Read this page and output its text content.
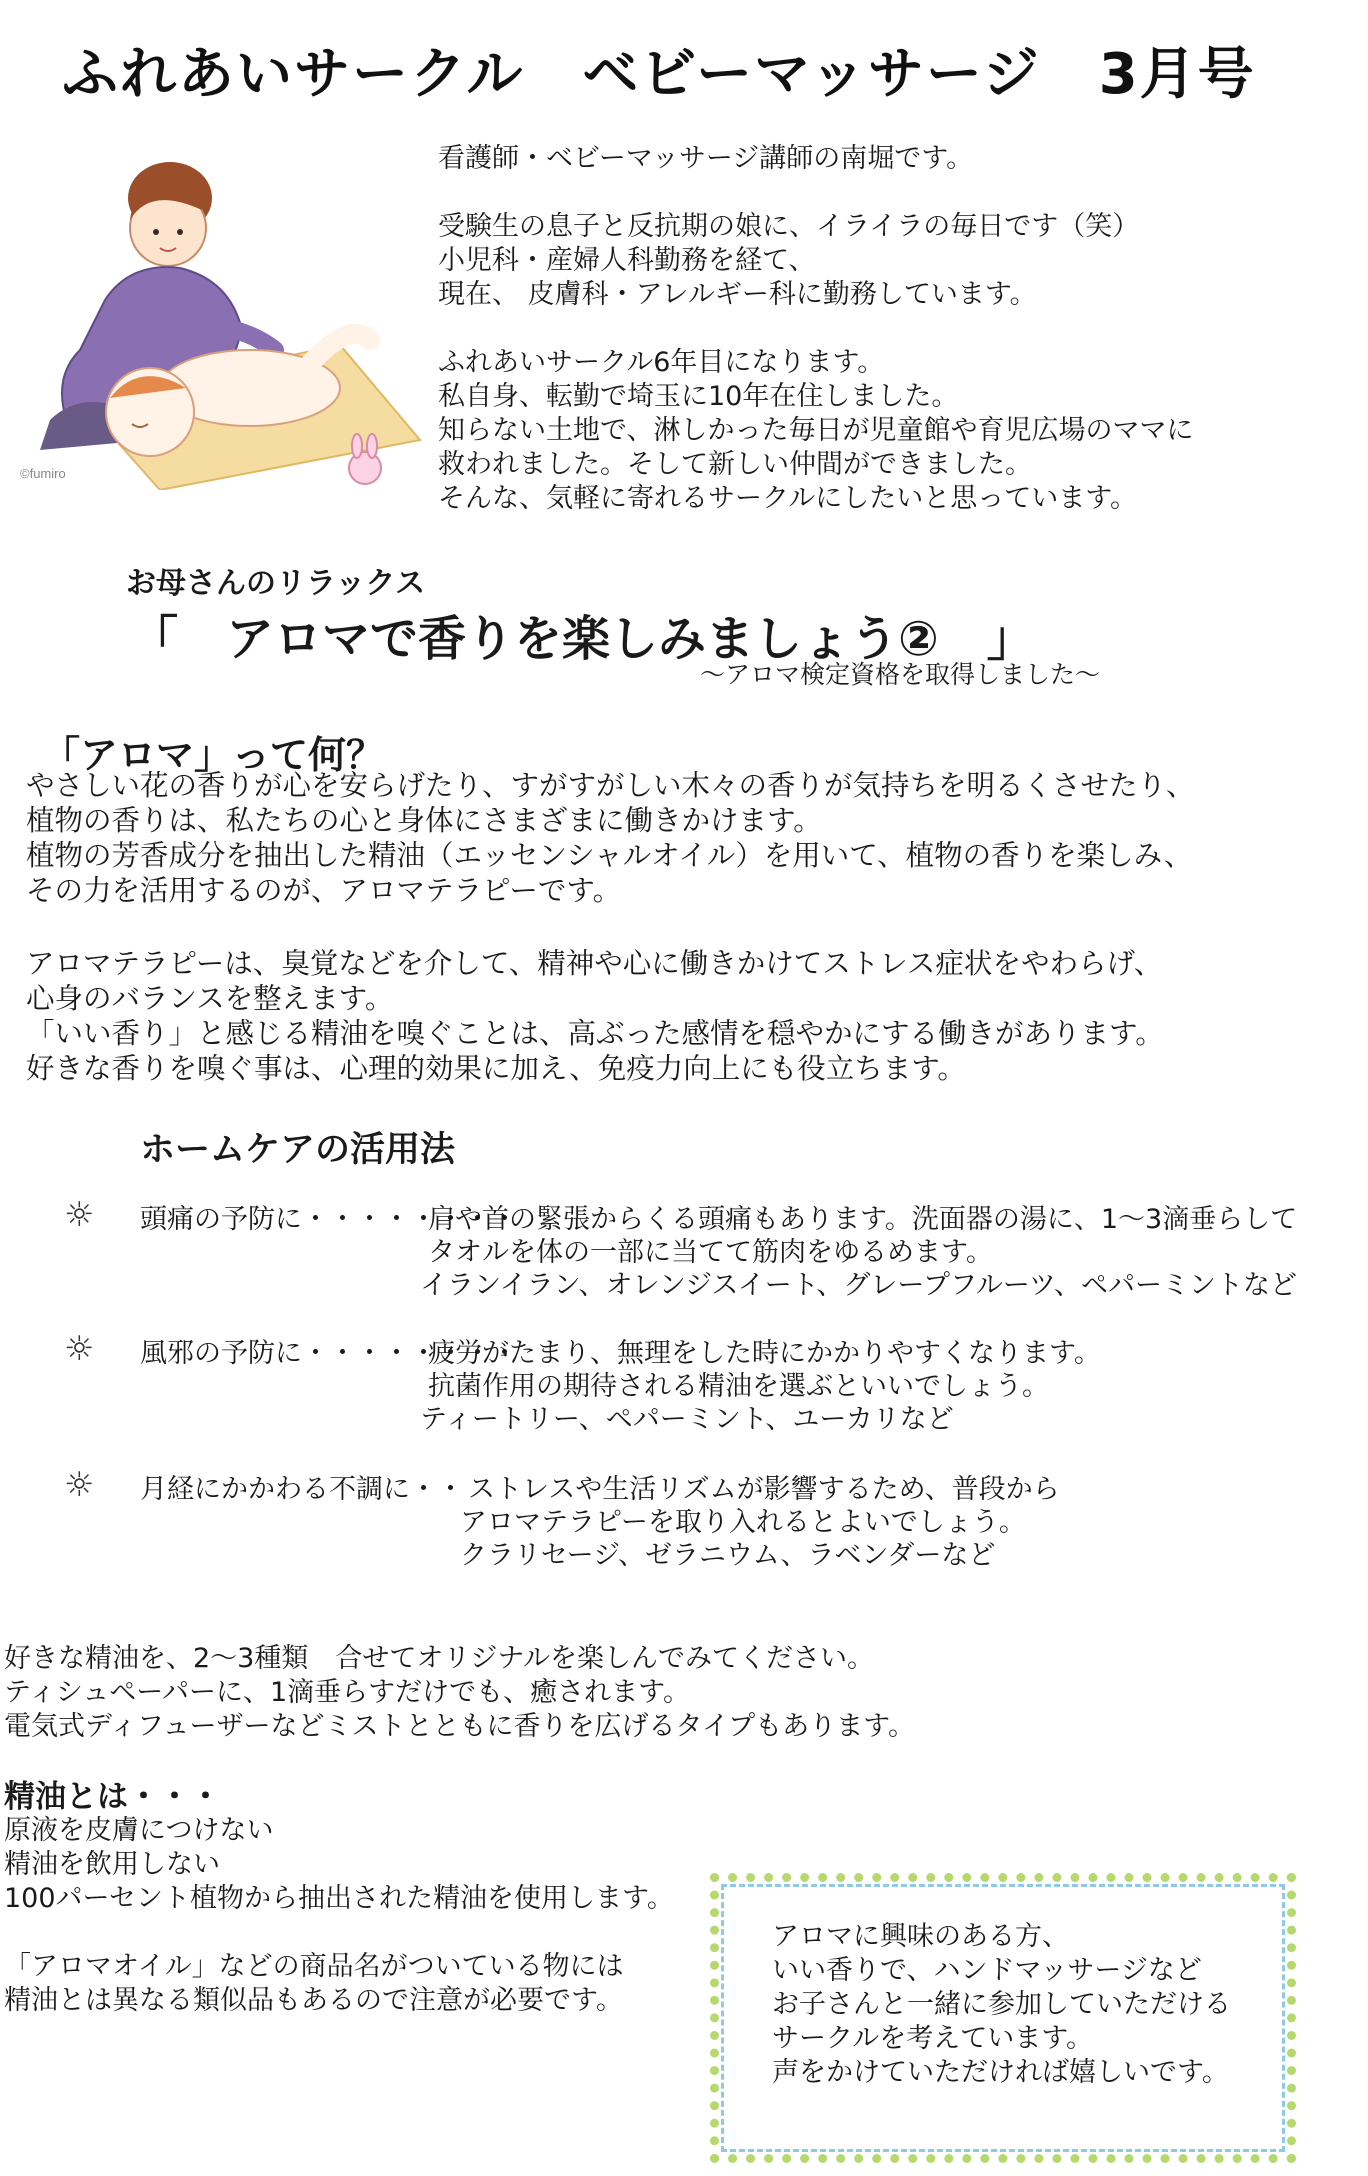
ふれあいサークル　ベビーマッサージ　3月号
©fumiro

看護師・ベビーマッサージ講師の南堀です。

受験生の息子と反抗期の娘に、イライラの毎日です（笑）
小児科・産婦人科勤務を経て、
現在、 皮膚科・アレルギー科に勤務しています。

ふれあいサークル6年目になります。
私自身、転勤で埼玉に10年在住しました。
知らない土地で、淋しかった毎日が児童館や育児広場のママに
救われました。そして新しい仲間ができました。
そんな、気軽に寄れるサークルにしたいと思っています。

お母さんのリラックス
「　アロマで香りを楽しみましょう②　」
～アロマ検定資格を取得しました～
「アロマ」って何？
やさしい花の香りが心を安らげたり、すがすがしい木々の香りが気持ちを明るくさせたり、
植物の香りは、私たちの心と身体にさまざまに働きかけます。
植物の芳香成分を抽出した精油（エッセンシャルオイル）を用いて、植物の香りを楽しみ、
その力を活用するのが、アロマテラピーです。
アロマテラピーは、臭覚などを介して、精神や心に働きかけてストレス症状をやわらげ、
心身のバランスを整えます。
「いい香り」と感じる精油を嗅ぐことは、高ぶった感情を穏やかにする働きがあります。
好きな香りを嗅ぐ事は、心理的効果に加え、免疫力向上にも役立ちます。
ホームケアの活用法
☼ 頭痛の予防に・・・・・・・・
肩や首の緊張からくる頭痛もあります。洗面器の湯に、1～3滴垂らして
タオルを体の一部に当てて筋肉をゆるめます。
イランイラン、オレンジスイート、グレープフルーツ、ペパーミントなど
☼ 風邪の予防に・・・・・・・・
疲労がたまり、無理をした時にかかりやすくなります。
抗菌作用の期待される精油を選ぶといいでしょう。
ティートリー、ペパーミント、ユーカリなど
☼ 月経にかかわる不調に・・ ストレスや生活リズムが影響するため、普段から
アロマテラピーを取り入れるとよいでしょう。
クラリセージ、ゼラニウム、ラベンダーなど
好きな精油を、2～3種類　合せてオリジナルを楽しんでみてください。
ティシュペーパーに、1滴垂らすだけでも、癒されます。
電気式ディフューザーなどミストとともに香りを広げるタイプもあります。
精油とは・・・
原液を皮膚につけない
精油を飲用しない
100パーセント植物から抽出された精油を使用します。
「アロマオイル」などの商品名がついている物には
精油とは異なる類似品もあるので注意が必要です。
アロマに興味のある方、
いい香りで、ハンドマッサージなど
お子さんと一緒に参加していただける
サークルを考えています。
声をかけていただければ嬉しいです。
